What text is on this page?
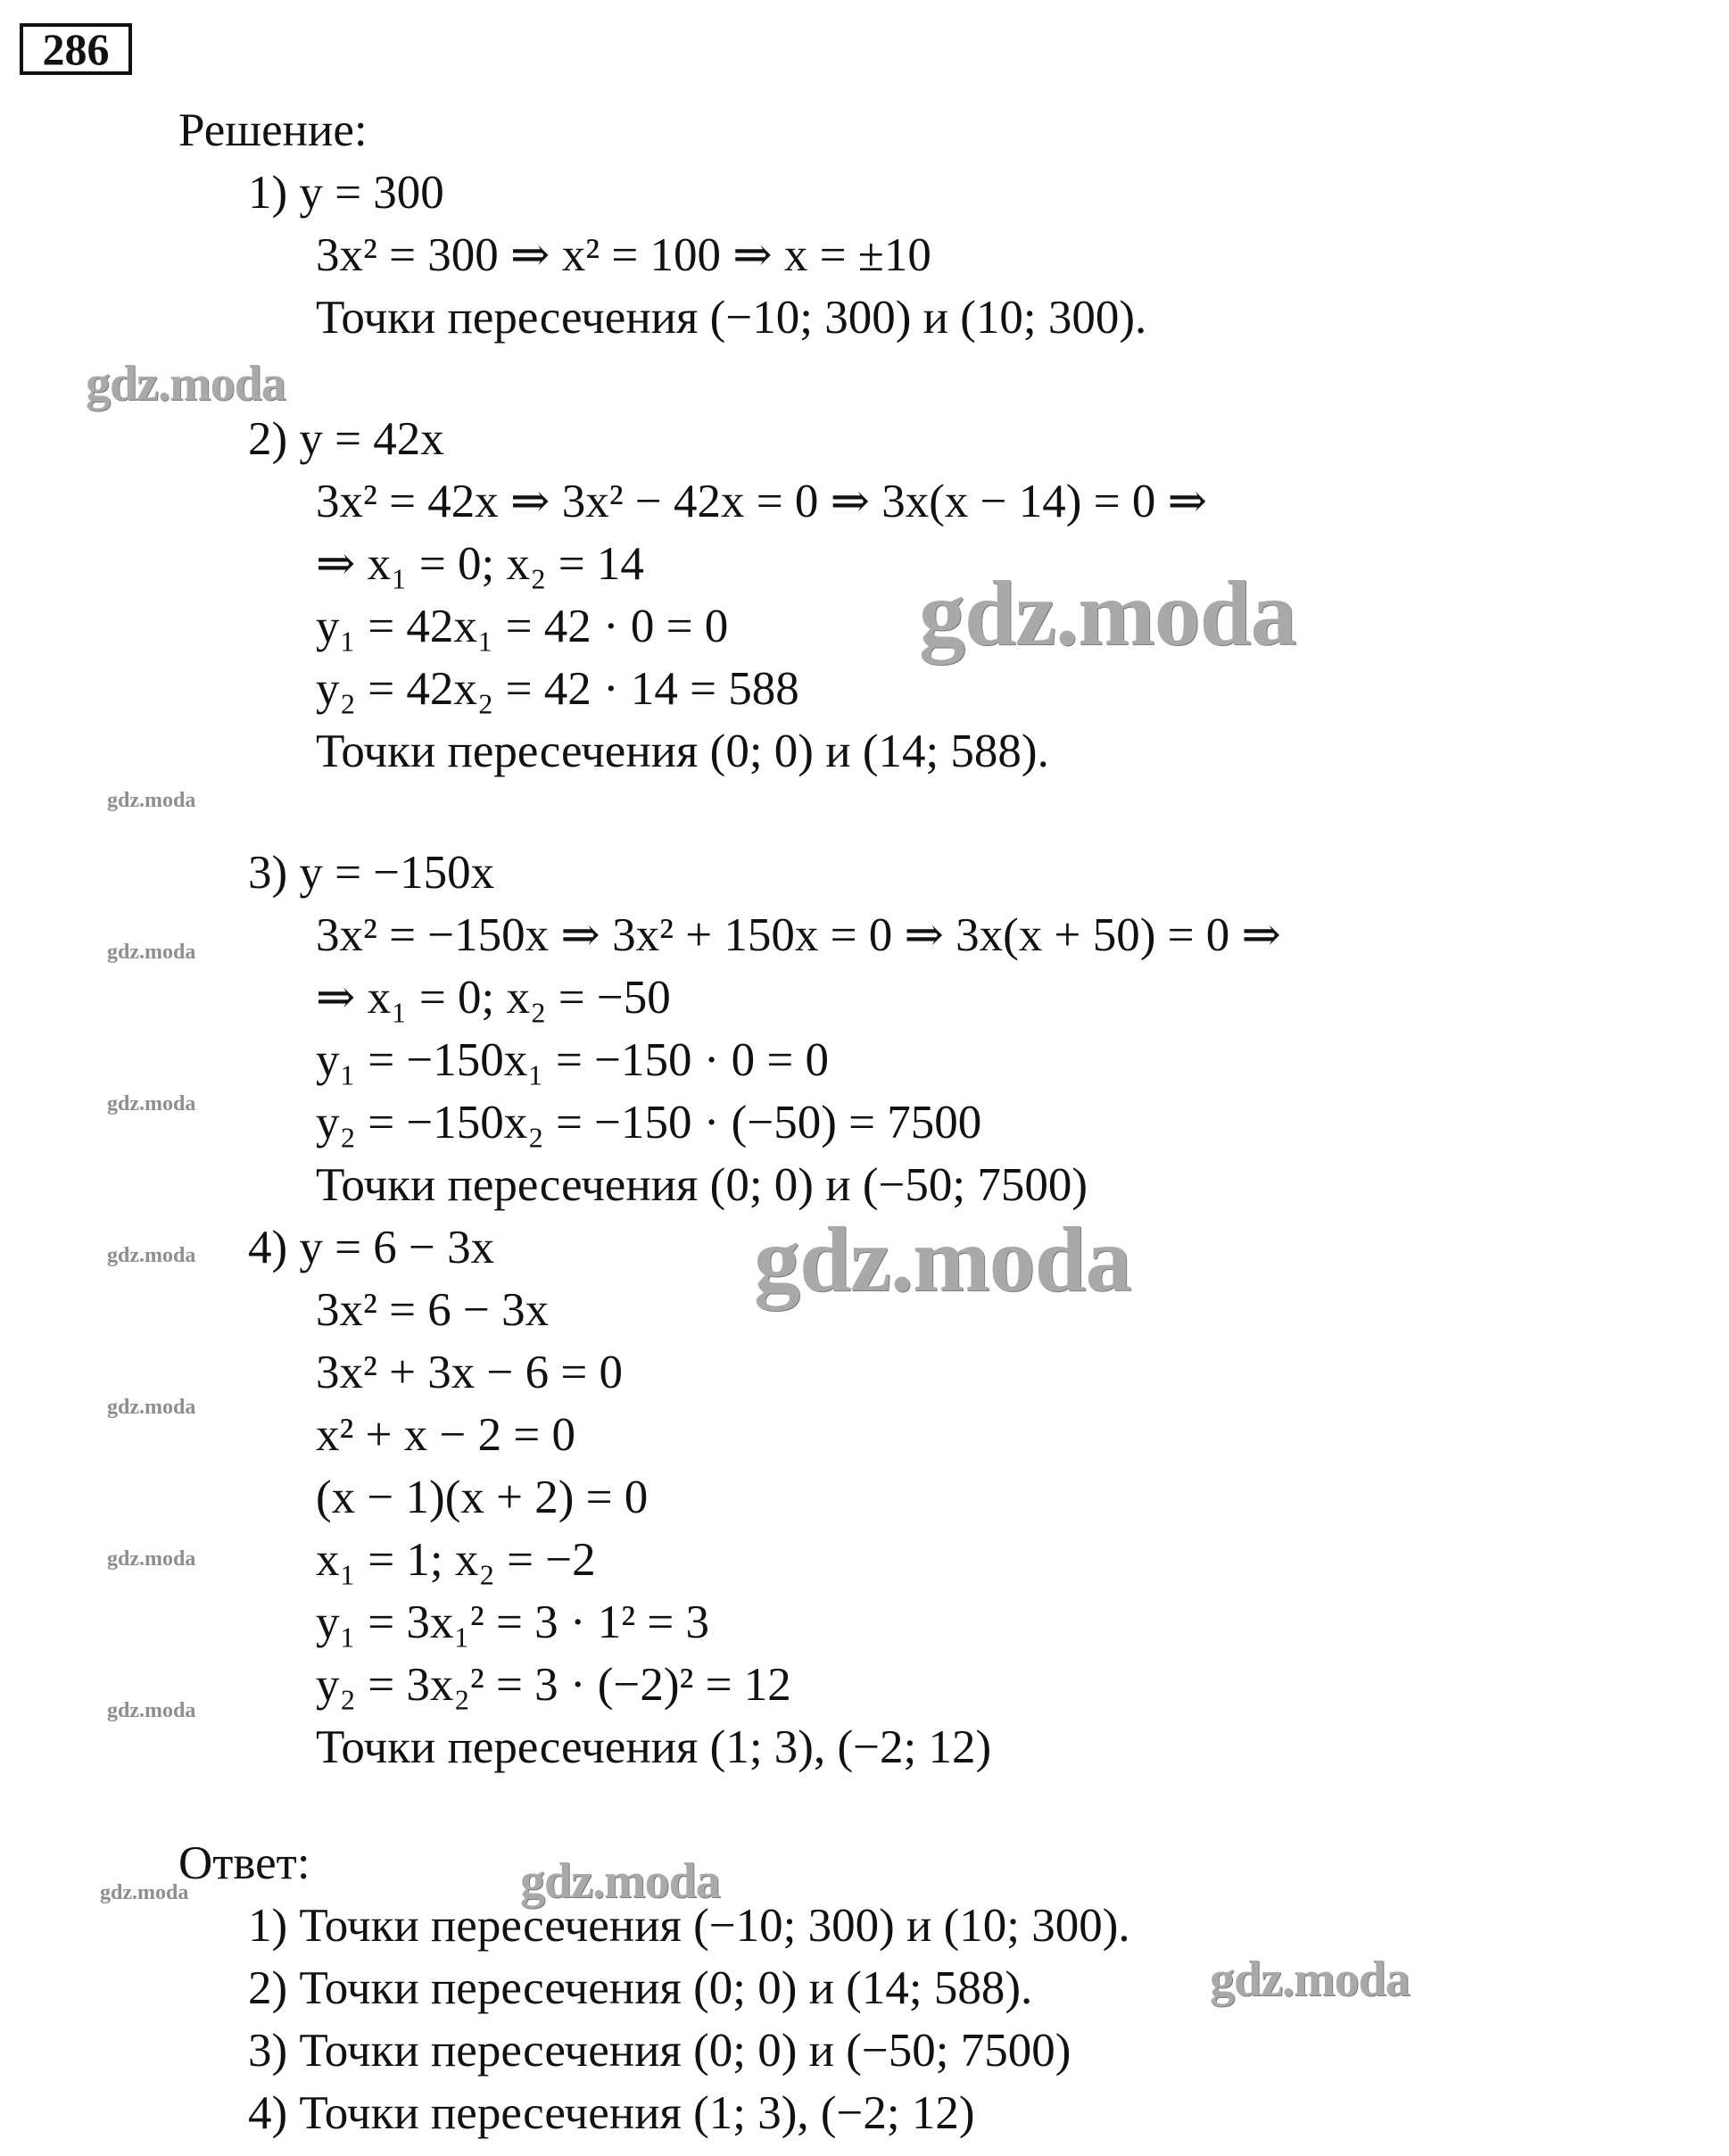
286
Решение:
1) y = 300
3x² = 300 ⇒ x² = 100 ⇒ x = ±10
Точки пересечения (−10; 300) и (10; 300).
2) y = 42x
3x² = 42x ⇒ 3x² − 42x = 0 ⇒ 3x(x − 14) = 0 ⇒
⇒ x₁ = 0; x₂ = 14
y₁ = 42x₁ = 42 · 0 = 0
y₂ = 42x₂ = 42 · 14 = 588
Точки пересечения (0; 0) и (14; 588).
3) y = −150x
3x² = −150x ⇒ 3x² + 150x = 0 ⇒ 3x(x + 50) = 0 ⇒
⇒ x₁ = 0; x₂ = −50
y₁ = −150x₁ = −150 · 0 = 0
y₂ = −150x₂ = −150 · (−50) = 7500
Точки пересечения (0; 0) и (−50; 7500)
4) y = 6 − 3x
3x² = 6 − 3x
3x² + 3x − 6 = 0
x² + x − 2 = 0
(x − 1)(x + 2) = 0
x₁ = 1; x₂ = −2
y₁ = 3x₁² = 3 · 1² = 3
y₂ = 3x₂² = 3 · (−2)² = 12
Точки пересечения (1; 3), (−2; 12)
Ответ:
1) Точки пересечения (−10; 300) и (10; 300).
2) Точки пересечения (0; 0) и (14; 588).
3) Точки пересечения (0; 0) и (−50; 7500)
4) Точки пересечения (1; 3), (−2; 12)
gdz.moda
gdz.moda
gdz.moda
gdz.moda
gdz.moda
gdz.moda
gdz.moda
gdz.moda
gdz.moda
gdz.moda
gdz.moda
gdz.moda
gdz.moda
